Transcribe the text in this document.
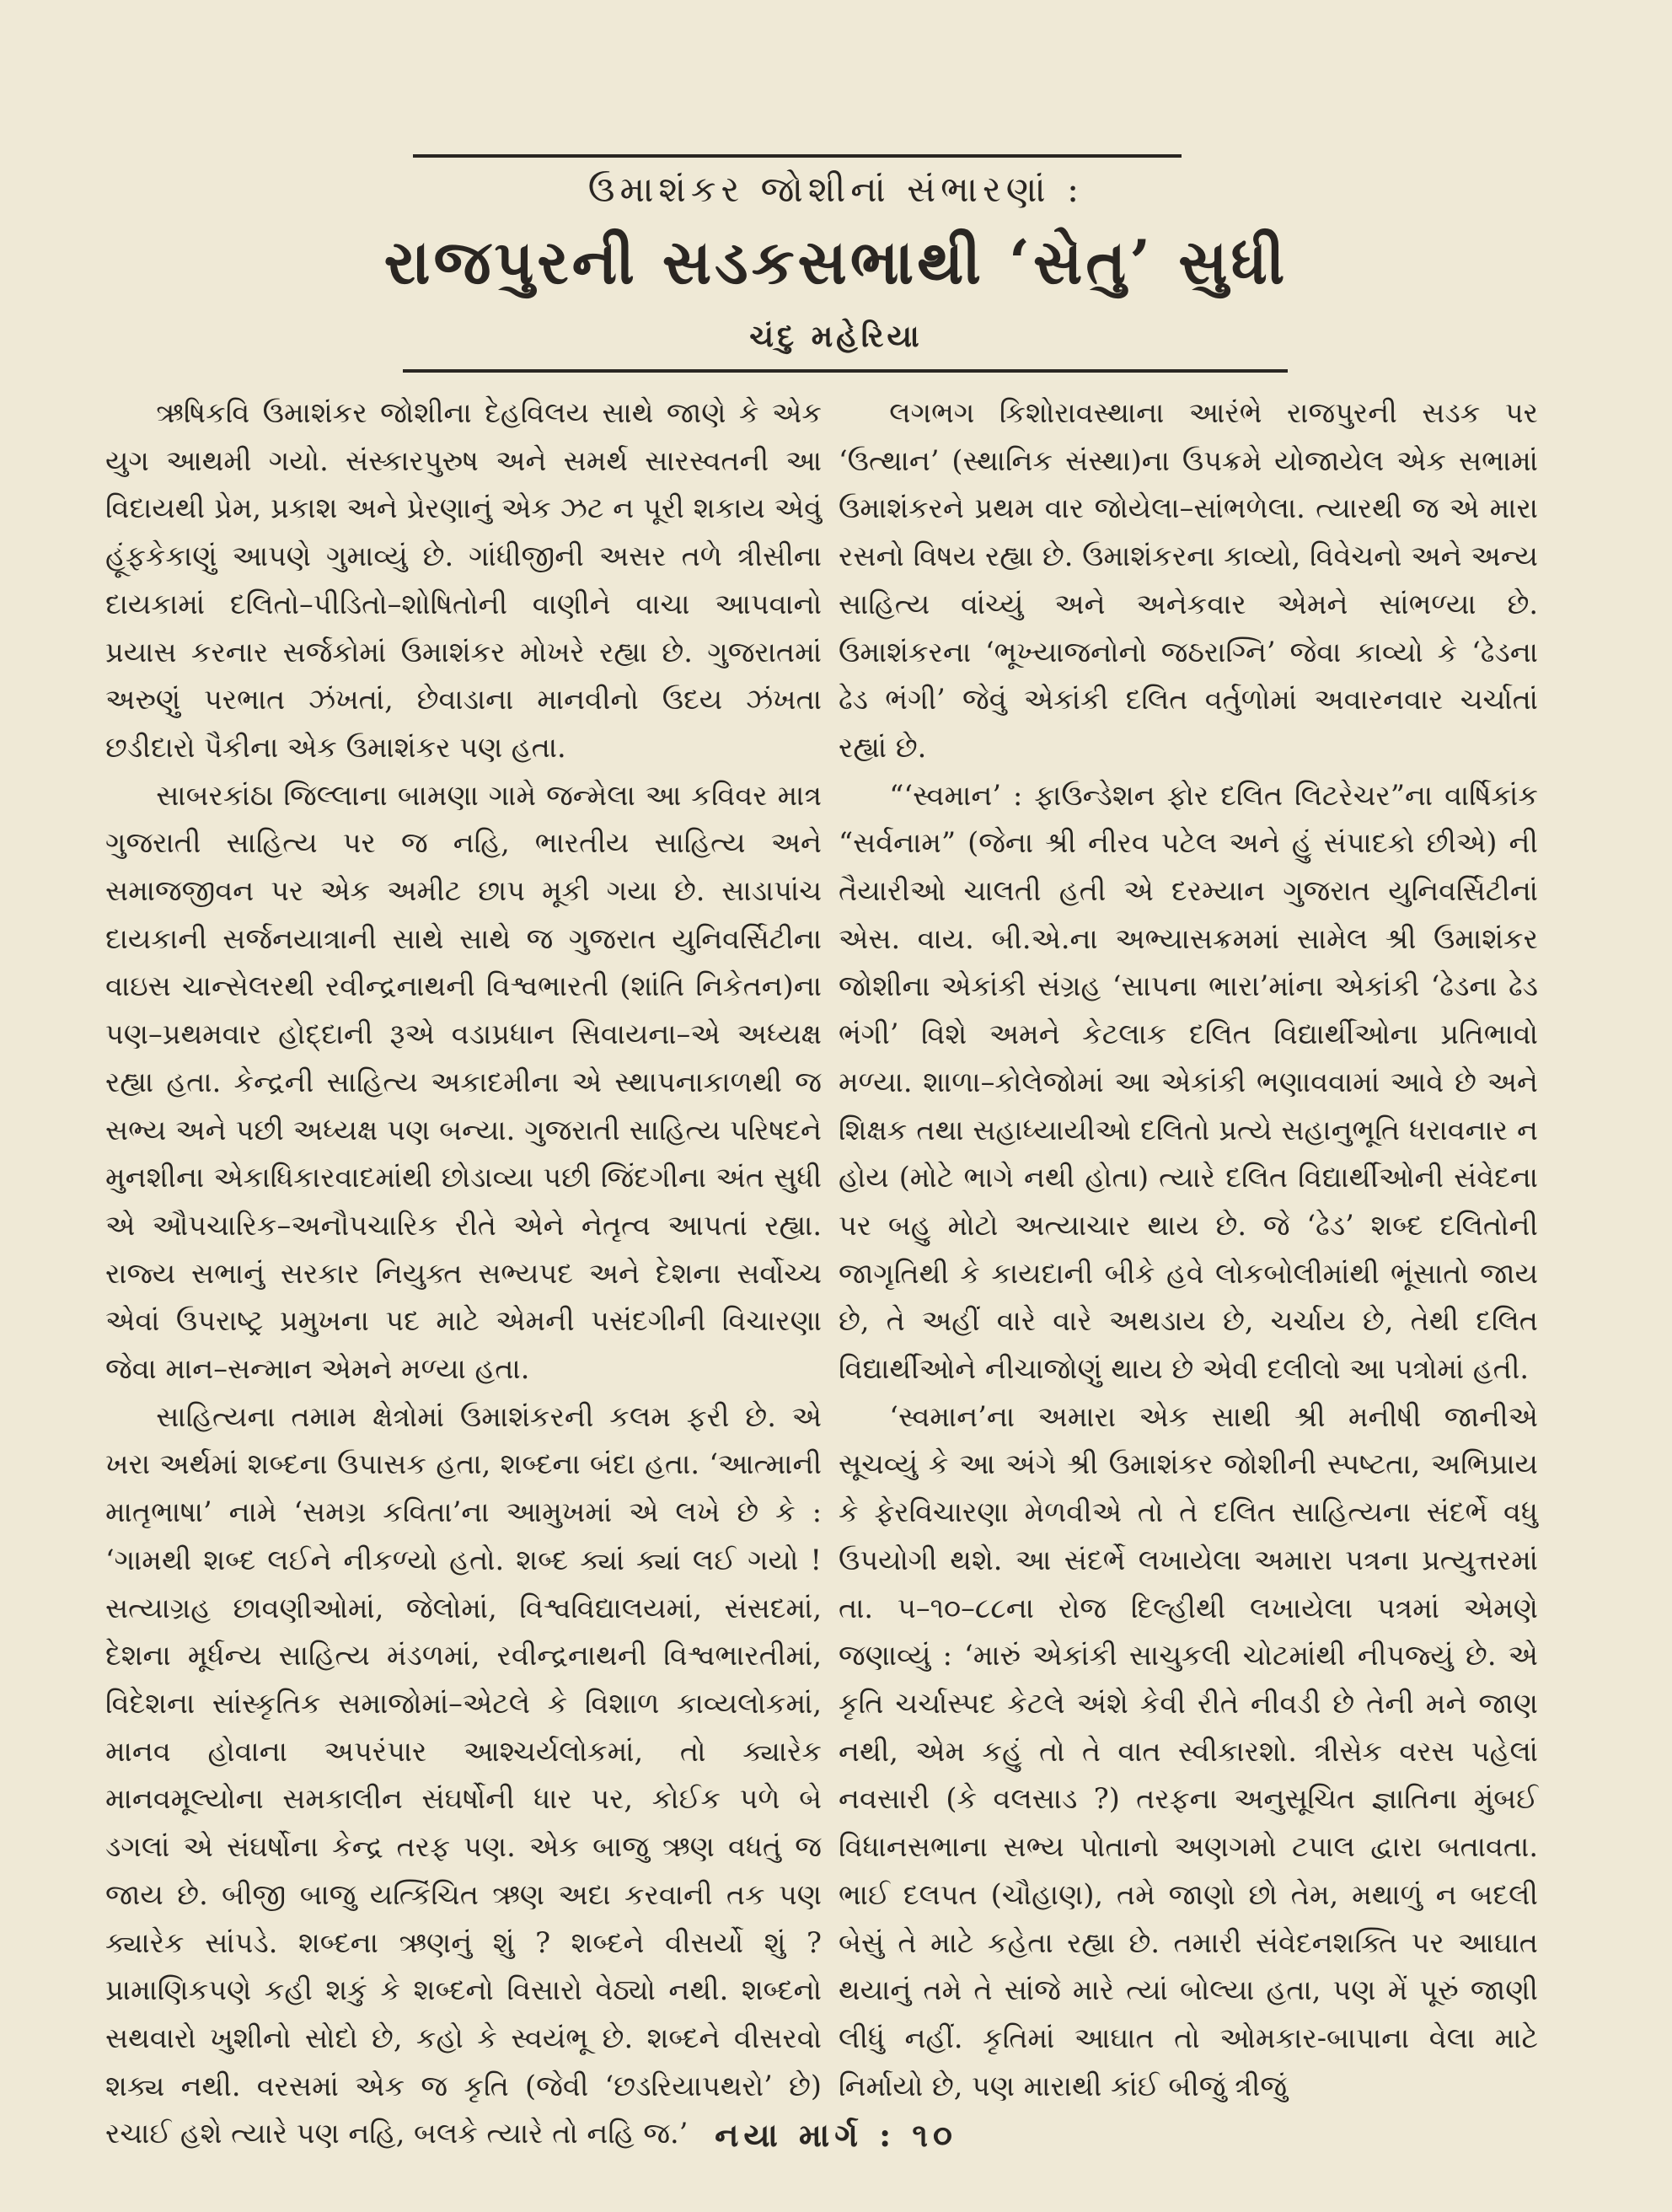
ઉમાશંકર જોશીનાં સંભારણાં :
રાજપુરની સડકસભાથી ‘સેતુ’ સુધી
ચંદુ મહેરિયા

ઋષિકવિ ઉમાશંકર જોશીના દેહવિલય સાથે જાણે કે એક યુગ આથમી ગયો. સંસ્કારપુરુષ અને સમર્થ સારસ્વતની આ વિદાયથી પ્રેમ, પ્રકાશ અને પ્રેરણાનું એક ઝટ ન પૂરી શકાય એવું હૂંફકેકાણું આપણે ગુમાવ્યું છે. ગાંધીજીની અસર તળે ત્રીસીના દાયકામાં દલિતો–પીડિતો–શોષિતોની વાણીને વાચા આપવાનો પ્રયાસ કરનાર સર્જકોમાં ઉમાશંકર મોખરે રહ્યા છે. ગુજરાતમાં અરુણું પરભાત ઝંખતાં, છેવાડાના માનવીનો ઉદય ઝંખતા છડીદારો પૈકીના એક ઉમાશંકર પણ હતા.

સાબરકાંઠા જિલ્લાના બામણા ગામે જન્મેલા આ કવિવર માત્ર ગુજરાતી સાહિત્ય પર જ નહિ, ભારતીય સાહિત્ય અને સમાજજીવન પર એક અમીટ છાપ મૂકી ગયા છે. સાડાપાંચ દાયકાની સર્જનયાત્રાની સાથે સાથે જ ગુજરાત યુનિવર્સિટીના વાઇસ ચાન્સેલરથી રવીન્દ્રનાથની વિશ્વભારતી (શાંતિ નિકેતન)ના પણ–પ્રથમવાર હોદ્દાની રૂએ વડાપ્રધાન સિવાયના–એ અધ્યક્ષ રહ્યા હતા. કેન્દ્રની સાહિત્ય અકાદમીના એ સ્થાપનાકાળથી જ સભ્ય અને પછી અધ્યક્ષ પણ બન્યા. ગુજરાતી સાહિત્ય પરિષદને મુનશીના એકાધિકારવાદમાંથી છોડાવ્યા પછી જિંદગીના અંત સુધી એ ઔપચારિક–અનૌપચારિક રીતે એને નેતૃત્વ આપતાં રહ્યા. રાજ્ય સભાનું સરકાર નિયુક્ત સભ્યપદ અને દેશના સર્વોચ્ચ એવાં ઉપરાષ્ટ્ર પ્રમુખના પદ માટે એમની પસંદગીની વિચારણા જેવા માન–સન્માન એમને મળ્યા હતા.

સાહિત્યના તમામ ક્ષેત્રોમાં ઉમાશંકરની કલમ ફરી છે. એ ખરા અર્થમાં શબ્દના ઉપાસક હતા, શબ્દના બંદા હતા. ‘આત્માની માતૃભાષા’ નામે ‘સમગ્ર કવિતા’ના આમુખમાં એ લખે છે કે : ‘ગામથી શબ્દ લઈને નીકળ્યો હતો. શબ્દ ક્યાં ક્યાં લઈ ગયો ! સત્યાગ્રહ છાવણીઓમાં, જેલોમાં, વિશ્વવિદ્યાલયમાં, સંસદમાં, દેશના મૂર્ધન્ય સાહિત્ય મંડળમાં, રવીન્દ્રનાથની વિશ્વભારતીમાં, વિદેશના સાંસ્કૃતિક સમાજોમાં–એટલે કે વિશાળ કાવ્યલોકમાં, માનવ હોવાના અપરંપાર આશ્ચર્યલોકમાં, તો ક્યારેક માનવમૂલ્યોના સમકાલીન સંઘર્ષોની ધાર પર, કોઈક પળે બે ડગલાં એ સંઘર્ષોના કેન્દ્ર તરફ પણ. એક બાજુ ઋણ વધતું જ જાય છે. બીજી બાજુ યત્કિંચિત ઋણ અદા કરવાની તક પણ ક્યારેક સાંપડે. શબ્દના ઋણનું શું ? શબ્દને વીસર્યો શું ? પ્રામાણિકપણે કહી શકું કે શબ્દનો વિસારો વેઠ્યો નથી. શબ્દનો સથવારો ખુશીનો સોદો છે, કહો કે સ્વયંભૂ છે. શબ્દને વીસરવો શક્ય નથી. વરસમાં એક જ કૃતિ (જેવી ‘છડરિયાપથરો’ છે) રચાઈ હશે ત્યારે પણ નહિ, બલકે ત્યારે તો નહિ જ.’

લગભગ કિશોરાવસ્થાના આરંભે રાજપુરની સડક પર ‘ઉત્થાન’ (સ્થાનિક સંસ્થા)ના ઉપક્રમે યોજાયેલ એક સભામાં ઉમાશંકરને પ્રથમ વાર જોયેલા–સાંભળેલા. ત્યારથી જ એ મારા રસનો વિષય રહ્યા છે. ઉમાશંકરના કાવ્યો, વિવેચનો અને અન્ય સાહિત્ય વાંચ્યું અને અનેકવાર એમને સાંભળ્યા છે. ઉમાશંકરના ‘ભૂખ્યાજનોનો જઠરાગ્નિ’ જેવા કાવ્યો કે ‘ઢેડના ઢેડ ભંગી’ જેવું એકાંકી દલિત વર્તુળોમાં અવારનવાર ચર્ચાતાં રહ્યાં છે.

“‘સ્વમાન’ : ફાઉન્ડેશન ફોર દલિત લિટરેચર”ના વાર્ષિકાંક “સર્વનામ” (જેના શ્રી નીરવ પટેલ અને હું સંપાદકો છીએ) ની તૈયારીઓ ચાલતી હતી એ દરમ્યાન ગુજરાત યુનિવર્સિટીનાં એસ. વાય. બી.એ.ના અભ્યાસક્રમમાં સામેલ શ્રી ઉમાશંકર જોશીના એકાંકી સંગ્રહ ‘સાપના ભારા’માંના એકાંકી ‘ઢેડના ઢેડ ભંગી’ વિશે અમને કેટલાક દલિત વિદ્યાર્થીઓના પ્રતિભાવો મળ્યા. શાળા–કોલેજોમાં આ એકાંકી ભણાવવામાં આવે છે અને શિક્ષક તથા સહાધ્યાયીઓ દલિતો પ્રત્યે સહાનુભૂતિ ધરાવનાર ન હોય (મોટે ભાગે નથી હોતા) ત્યારે દલિત વિદ્યાર્થીઓની સંવેદના પર બહુ મોટો અત્યાચાર થાય છે. જે ‘ઢેડ’ શબ્દ દલિતોની જાગૃતિથી કે કાયદાની બીકે હવે લોકબોલીમાંથી ભૂંસાતો જાય છે, તે અહીં વારે વારે અથડાય છે, ચર્ચાય છે, તેથી દલિત વિદ્યાર્થીઓને નીચાજોણું થાય છે એવી દલીલો આ પત્રોમાં હતી.

‘સ્વમાન’ના અમારા એક સાથી શ્રી મનીષી જાનીએ સૂચવ્યું કે આ અંગે શ્રી ઉમાશંકર જોશીની સ્પષ્ટતા, અભિપ્રાય કે ફેરવિચારણા મેળવીએ તો તે દલિત સાહિત્યના સંદર્ભે વધુ ઉપયોગી થશે. આ સંદર્ભે લખાયેલા અમારા પત્રના પ્રત્યુત્તરમાં તા. ૫–૧૦–૮૮ના રોજ દિલ્હીથી લખાયેલા પત્રમાં એમણે જણાવ્યું : ‘મારું એકાંકી સાચુકલી ચોટમાંથી નીપજ્યું છે. એ કૃતિ ચર્ચાસ્પદ કેટલે અંશે કેવી રીતે નીવડી છે તેની મને જાણ નથી, એમ કહું તો તે વાત સ્વીકારશો. ત્રીસેક વરસ પહેલાં નવસારી (કે વલસાડ ?) તરફના અનુસૂચિત જ્ઞાતિના મુંબઈ વિધાનસભાના સભ્ય પોતાનો અણગમો ટપાલ દ્વારા બતાવતા. ભાઈ દલપત (ચૌહાણ), તમે જાણો છો તેમ, મથાળું ન બદલી બેસું તે માટે કહેતા રહ્યા છે. તમારી સંવેદનશક્તિ પર આઘાત થયાનું તમે તે સાંજે મારે ત્યાં બોલ્યા હતા, પણ મેં પૂરું જાણી લીધું નહીં. કૃતિમાં આઘાત તો ઓમકાર-બાપાના વેલા માટે નિર્માયો છે, પણ મારાથી કાંઈ બીજું ત્રીજું

નયા માર્ગ : ૧૦
